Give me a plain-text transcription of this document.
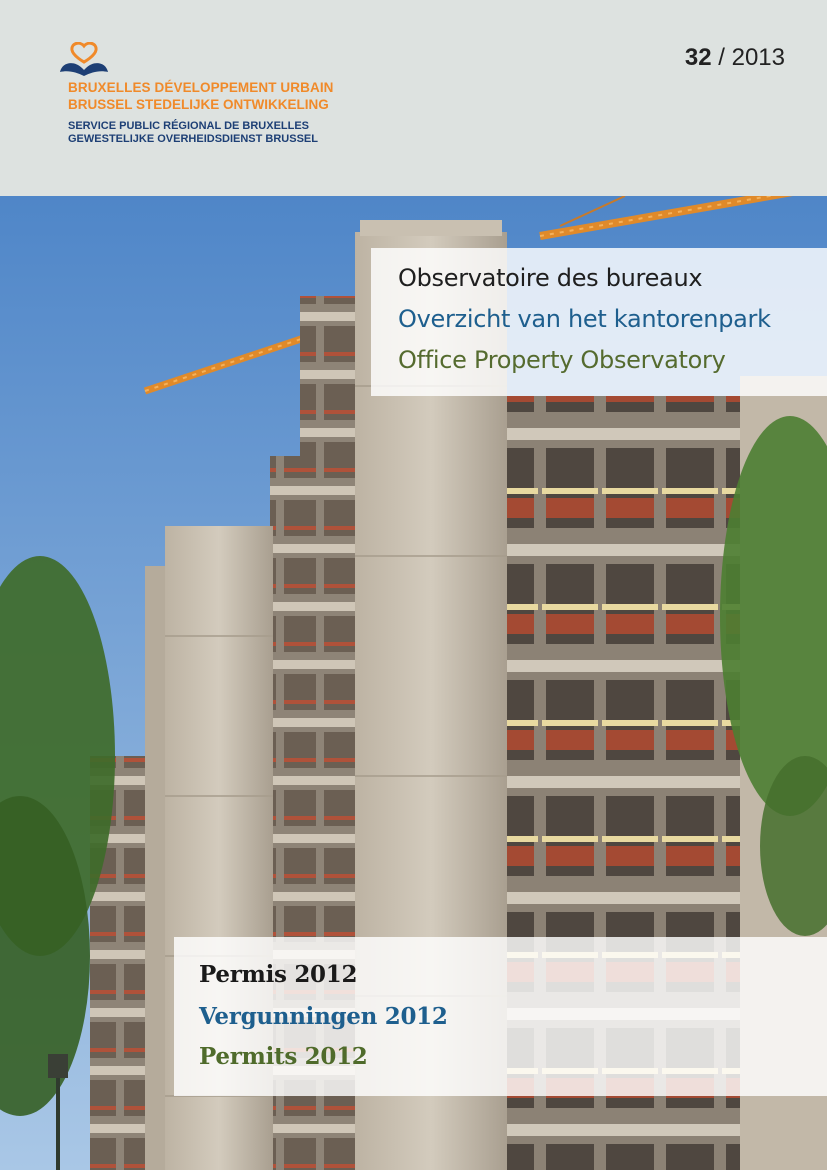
BRUXELLES DÉVELOPPEMENT URBAIN
BRUSSEL STEDELIJKE ONTWIKKELING
SERVICE PUBLIC RÉGIONAL DE BRUXELLES
GEWESTELIJKE OVERHEIDSDIENST BRUSSEL
32 / 2013
Observatoire des bureaux
Overzicht van het kantorenpark
Office Property Observatory
Permis 2012
Vergunningen 2012
Permits 2012
